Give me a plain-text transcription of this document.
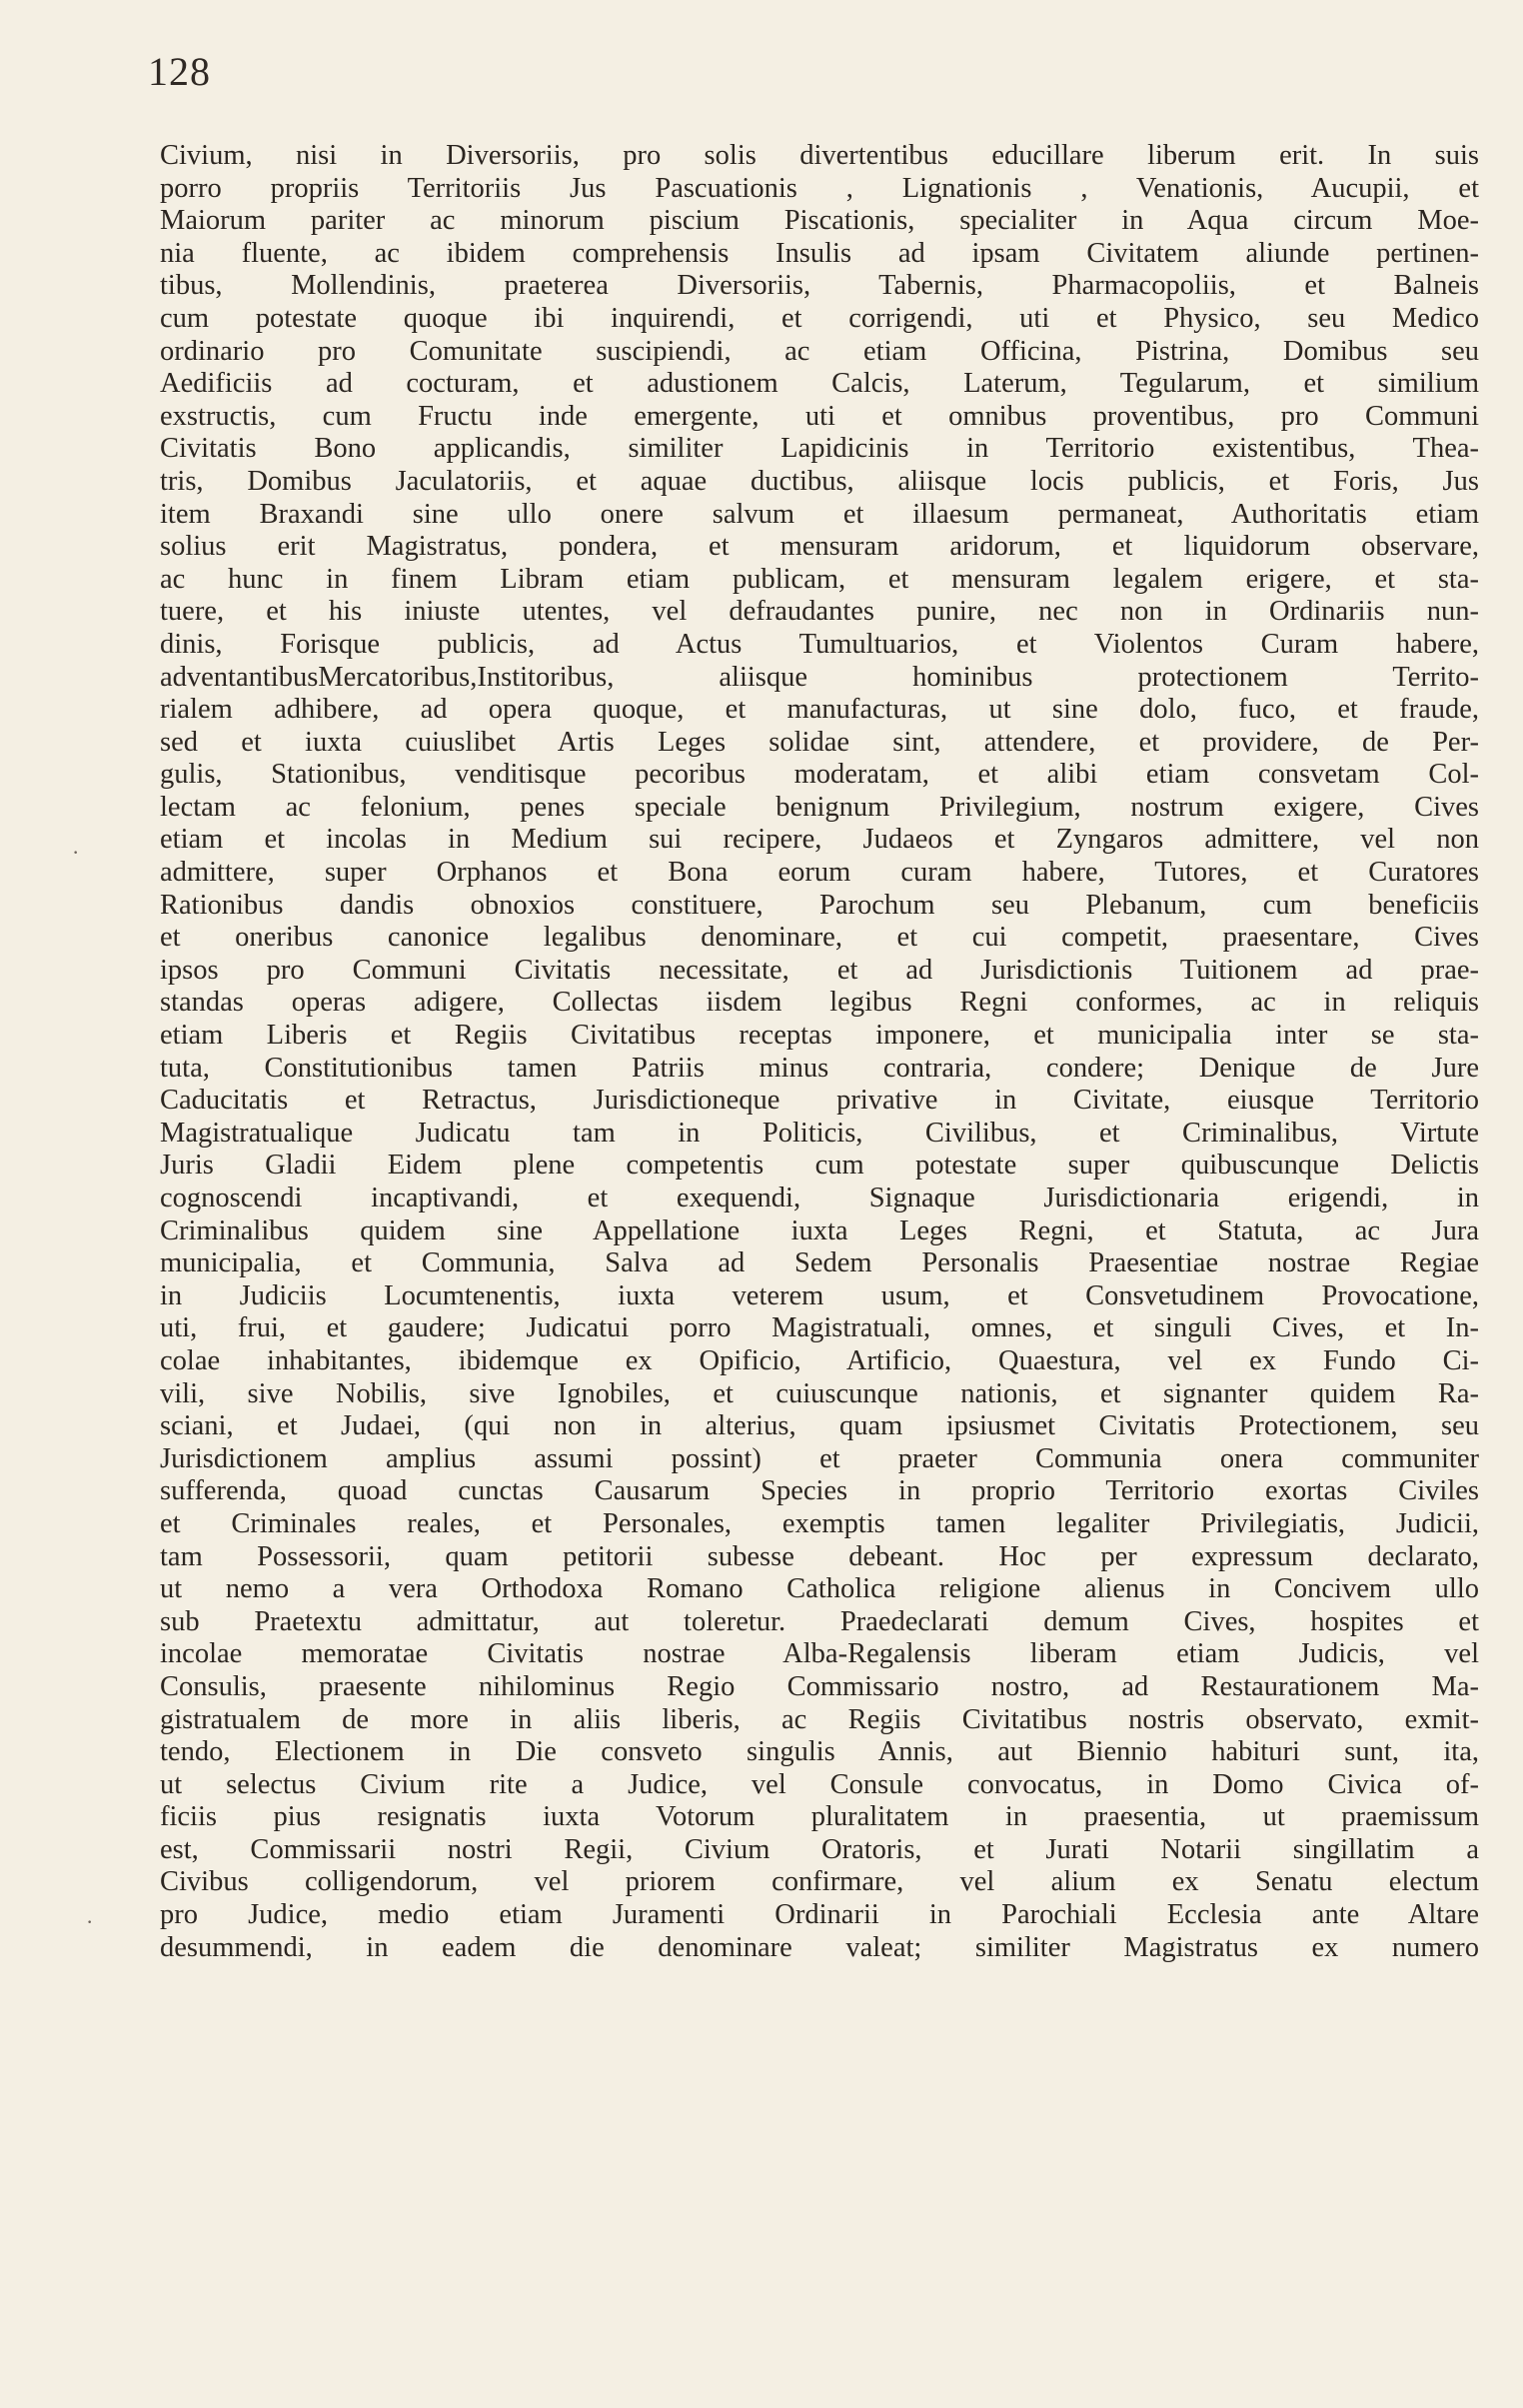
128
Civium, nisi in Diversoriis, pro solis divertentibus educillare liberum erit. In suis
porro propriis Territoriis Jus Pascuationis , Lignationis , Venationis, Aucupii, et
Maiorum pariter ac minorum piscium Piscationis, specialiter in Aqua circum Moe-
nia fluente, ac ibidem comprehensis Insulis ad ipsam Civitatem aliunde pertinen-
tibus, Mollendinis, praeterea Diversoriis, Tabernis, Pharmacopoliis, et Balneis
cum potestate quoque ibi inquirendi, et corrigendi, uti et Physico, seu Medico
ordinario pro Comunitate suscipiendi, ac etiam Officina, Pistrina, Domibus seu
Aedificiis ad cocturam, et adustionem Calcis, Laterum, Tegularum, et similium
exstructis, cum Fructu inde emergente, uti et omnibus proventibus, pro Communi
Civitatis Bono applicandis, similiter Lapidicinis in Territorio existentibus, Thea-
tris, Domibus Jaculatoriis, et aquae ductibus, aliisque locis publicis, et Foris, Jus
item Braxandi sine ullo onere salvum et illaesum permaneat, Authoritatis etiam
solius erit Magistratus, pondera, et mensuram aridorum, et liquidorum observare,
ac hunc in finem Libram etiam publicam, et mensuram legalem erigere, et sta-
tuere, et his iniuste utentes, vel defraudantes punire, nec non in Ordinariis nun-
dinis, Forisque publicis, ad Actus Tumultuarios, et Violentos Curam habere,
adventantibusMercatoribus,Institoribus, aliisque hominibus protectionem Territo-
rialem adhibere, ad opera quoque, et manufacturas, ut sine dolo, fuco, et fraude,
sed et iuxta cuiuslibet Artis Leges solidae sint, attendere, et providere, de Per-
gulis, Stationibus, venditisque pecoribus moderatam, et alibi etiam consvetam Col-
lectam ac felonium, penes speciale benignum Privilegium, nostrum exigere, Cives
etiam et incolas in Medium sui recipere, Judaeos et Zyngaros admittere, vel non
admittere, super Orphanos et Bona eorum curam habere, Tutores, et Curatores
Rationibus dandis obnoxios constituere, Parochum seu Plebanum, cum beneficiis
et oneribus canonice legalibus denominare, et cui competit, praesentare, Cives
ipsos pro Communi Civitatis necessitate, et ad Jurisdictionis Tuitionem ad prae-
standas operas adigere, Collectas iisdem legibus Regni conformes, ac in reliquis
etiam Liberis et Regiis Civitatibus receptas imponere, et municipalia inter se sta-
tuta, Constitutionibus tamen Patriis minus contraria, condere; Denique de Jure
Caducitatis et Retractus, Jurisdictioneque privative in Civitate, eiusque Territorio
Magistratualique Judicatu tam in Politicis, Civilibus, et Criminalibus, Virtute
Juris Gladii Eidem plene competentis cum potestate super quibuscunque Delictis
cognoscendi incaptivandi, et exequendi, Signaque Jurisdictionaria erigendi, in
Criminalibus quidem sine Appellatione iuxta Leges Regni, et Statuta, ac Jura
municipalia, et Communia, Salva ad Sedem Personalis Praesentiae nostrae Regiae
in Judiciis Locumtenentis, iuxta veterem usum, et Consvetudinem Provocatione,
uti, frui, et gaudere; Judicatui porro Magistratuali, omnes, et singuli Cives, et In-
colae inhabitantes, ibidemque ex Opificio, Artificio, Quaestura, vel ex Fundo Ci-
vili, sive Nobilis, sive Ignobiles, et cuiuscunque nationis, et signanter quidem Ra-
sciani, et Judaei, (qui non in alterius, quam ipsiusmet Civitatis Protectionem, seu
Jurisdictionem amplius assumi possint) et praeter Communia onera communiter
sufferenda, quoad cunctas Causarum Species in proprio Territorio exortas Civiles
et Criminales reales, et Personales, exemptis tamen legaliter Privilegiatis, Judicii,
tam Possessorii, quam petitorii subesse debeant. Hoc per expressum declarato,
ut nemo a vera Orthodoxa Romano Catholica religione alienus in Concivem ullo
sub Praetextu admittatur, aut toleretur. Praedeclarati demum Cives, hospites et
incolae memoratae Civitatis nostrae Alba-Regalensis liberam etiam Judicis, vel
Consulis, praesente nihilominus Regio Commissario nostro, ad Restaurationem Ma-
gistratualem de more in aliis liberis, ac Regiis Civitatibus nostris observato, exmit-
tendo, Electionem in Die consveto singulis Annis, aut Biennio habituri sunt, ita,
ut selectus Civium rite a Judice, vel Consule convocatus, in Domo Civica of-
ficiis pius resignatis iuxta Votorum pluralitatem in praesentia, ut praemissum
est, Commissarii nostri Regii, Civium Oratoris, et Jurati Notarii singillatim a
Civibus colligendorum, vel priorem confirmare, vel alium ex Senatu electum
pro Judice, medio etiam Juramenti Ordinarii in Parochiali Ecclesia ante Altare
desummendi, in eadem die denominare valeat; similiter Magistratus ex numero
·
·
